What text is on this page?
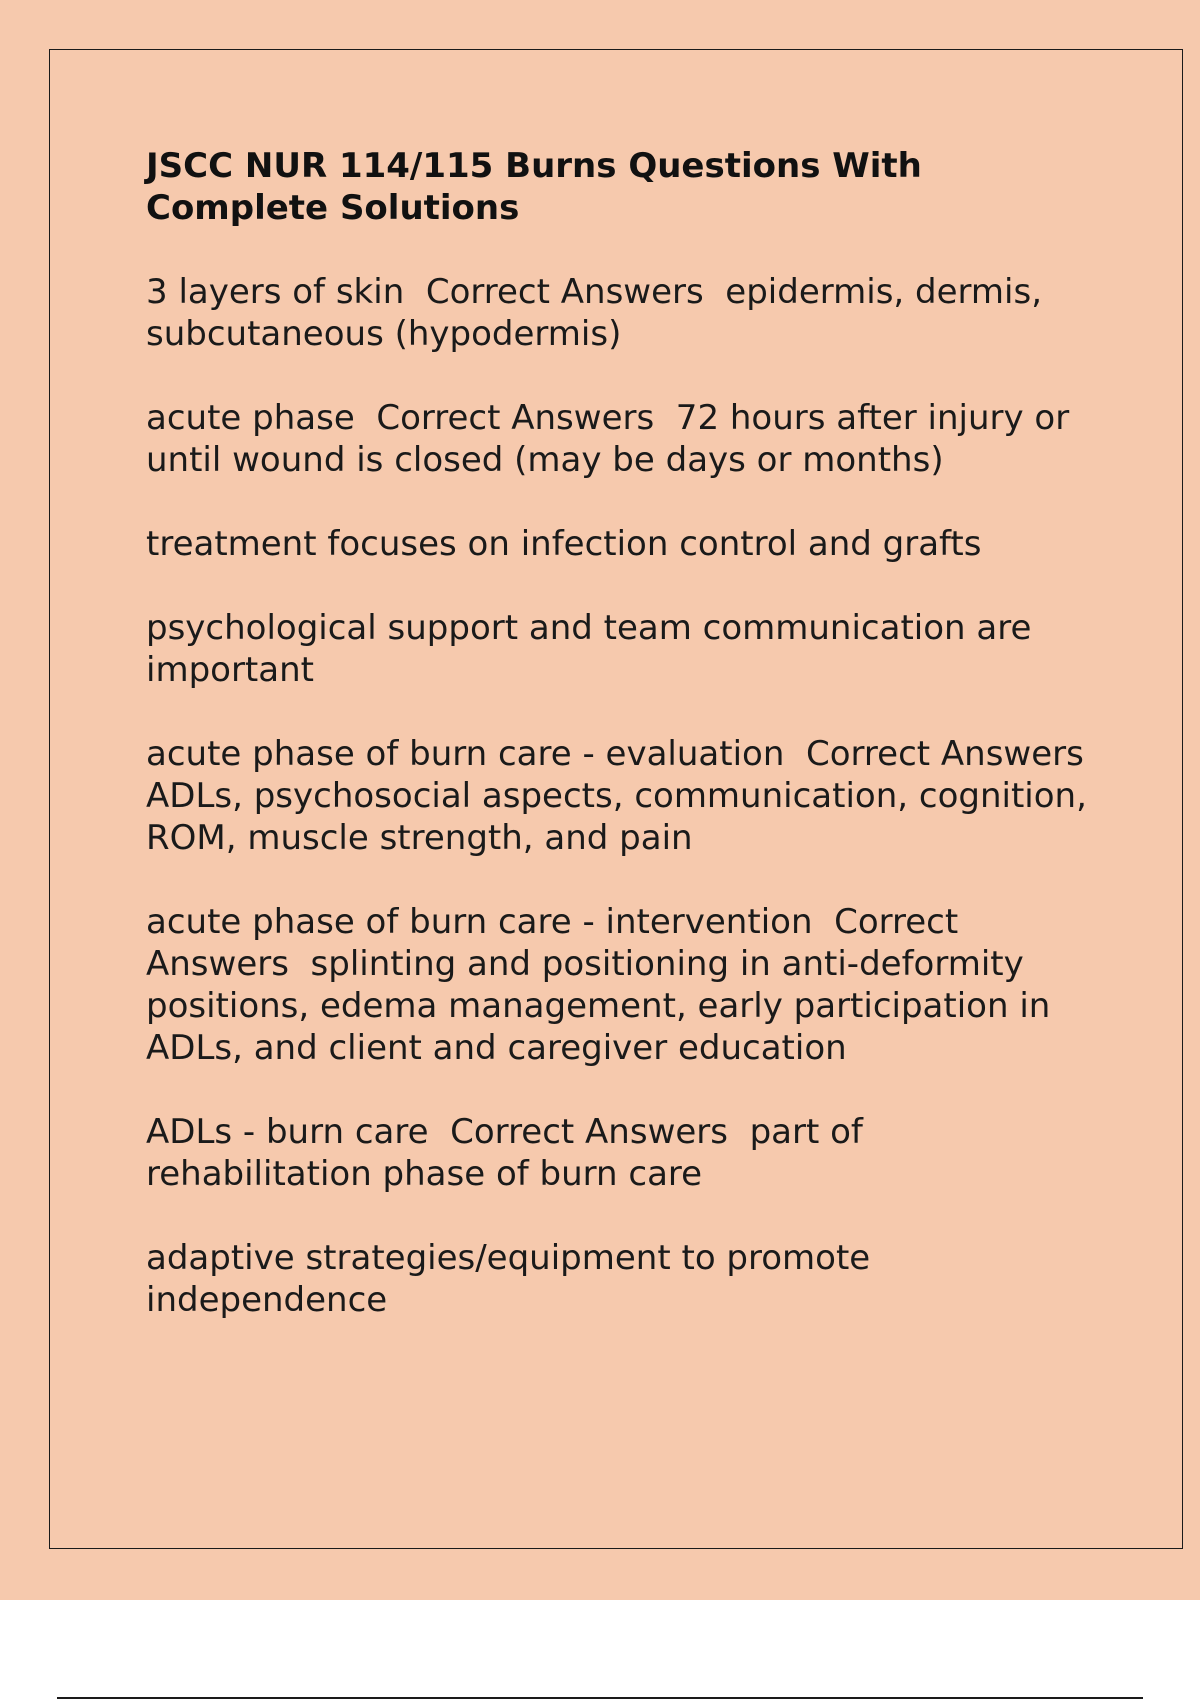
JSCC NUR 114/115 Burns Questions With Complete Solutions
3 layers of skin  Correct Answers  epidermis, dermis, subcutaneous (hypodermis)
acute phase  Correct Answers  72 hours after injury or until wound is closed (may be days or months)
treatment focuses on infection control and grafts
psychological support and team communication are important
acute phase of burn care - evaluation  Correct Answers  ADLs, psychosocial aspects, communication, cognition, ROM, muscle strength, and pain
acute phase of burn care - intervention  Correct Answers  splinting and positioning in anti-deformity positions, edema management, early participation in ADLs, and client and caregiver education
ADLs - burn care  Correct Answers  part of rehabilitation phase of burn care
adaptive strategies/equipment to promote independence
